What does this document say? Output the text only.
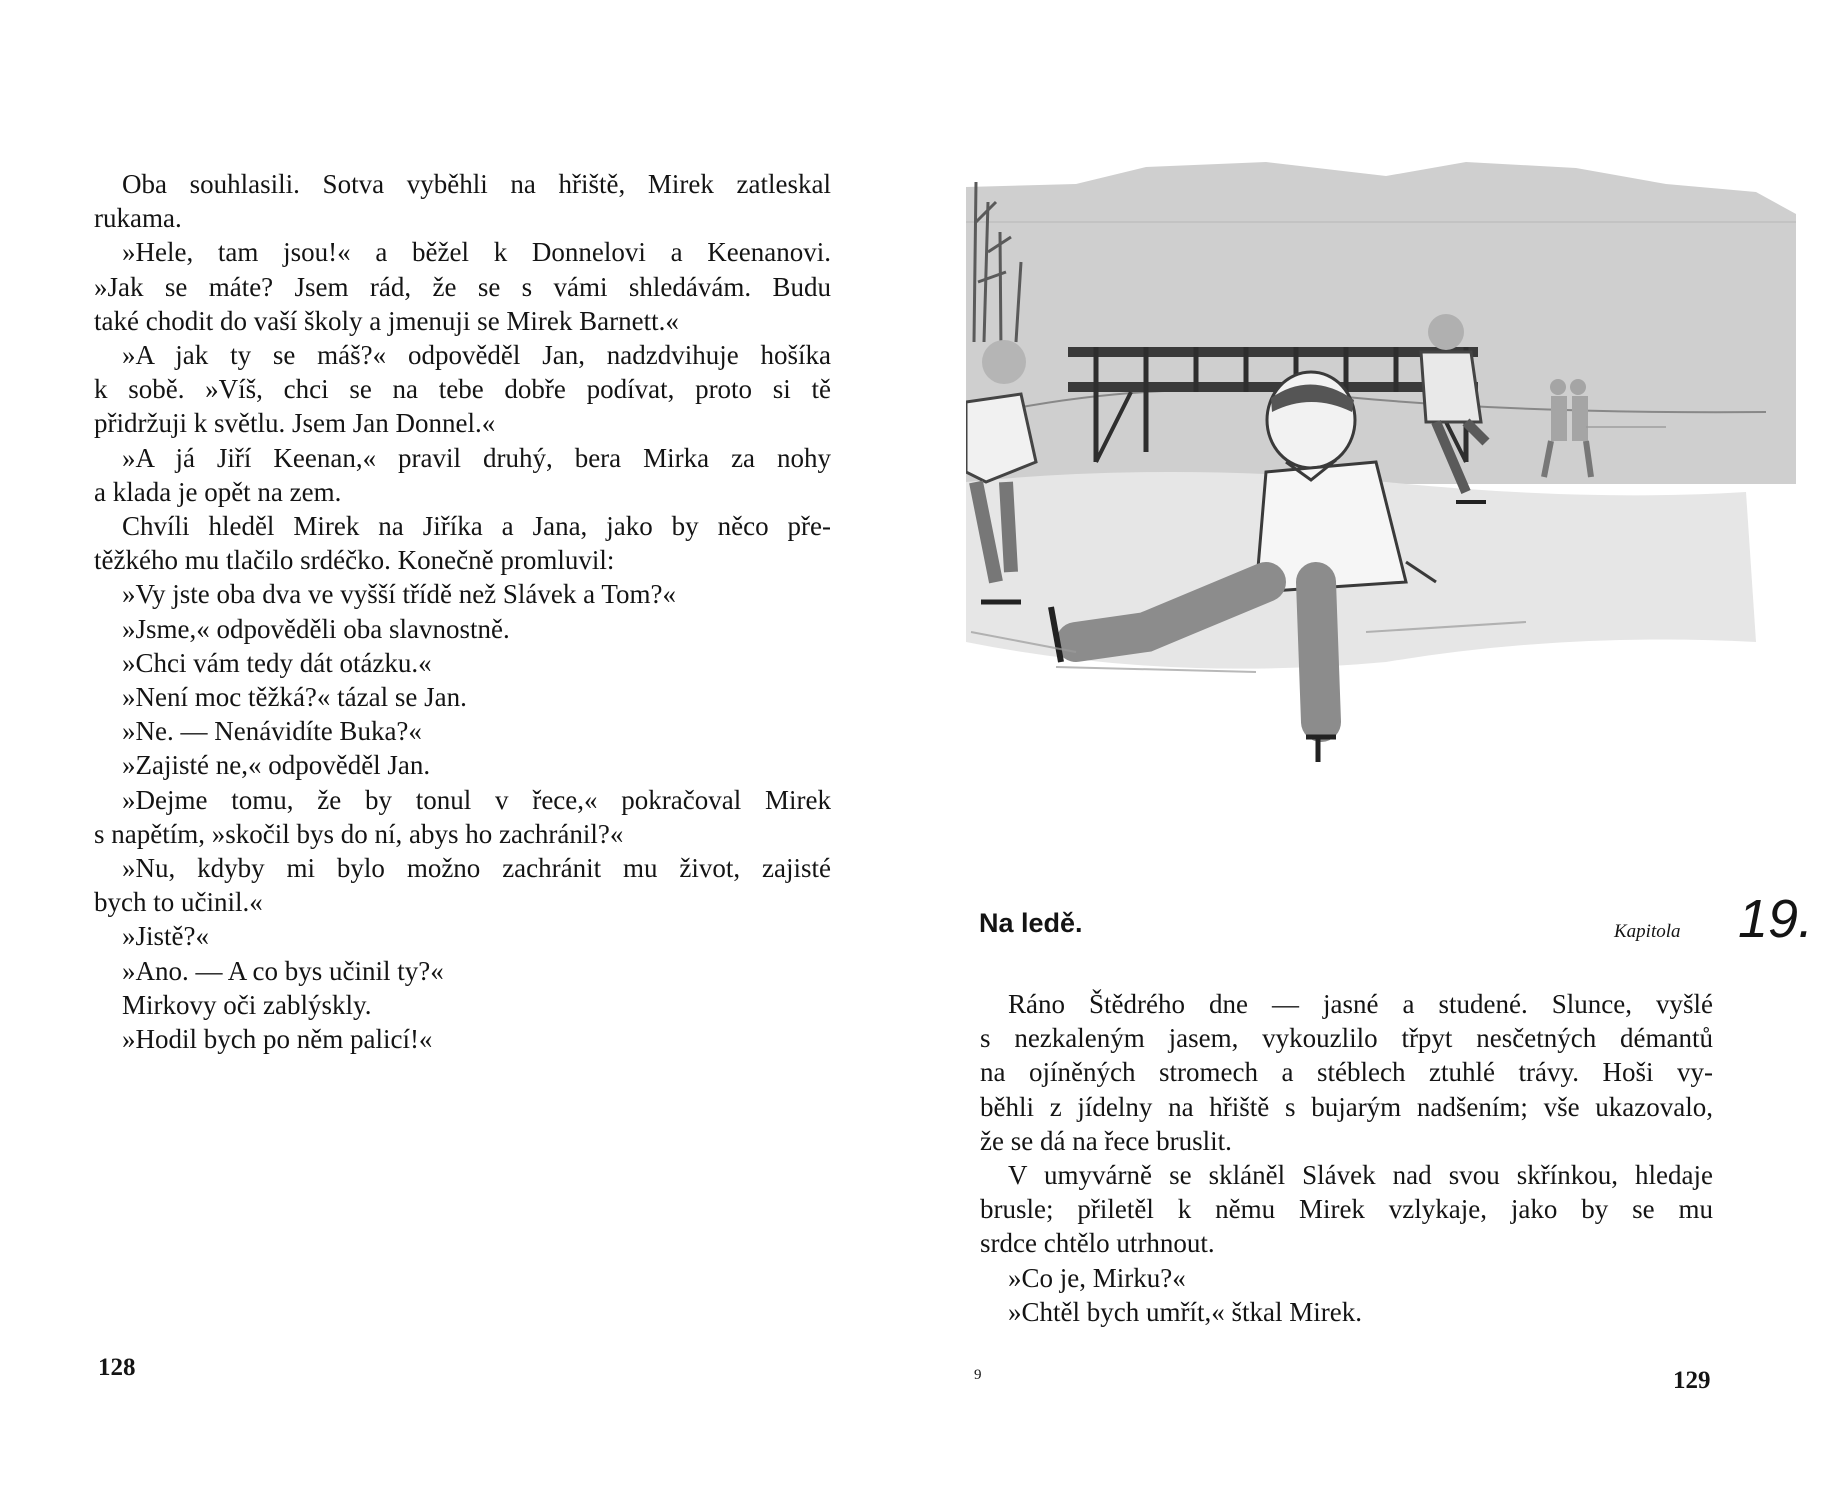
Oba souhlasili. Sotva vyběhli na hřiště, Mirek zatleskal

rukama.

»Hele, tam jsou!« a běžel k Donnelovi a Keenanovi.

»Jak se máte? Jsem rád, že se s vámi shledávám. Budu

také chodit do vaší školy a jmenuji se Mirek Barnett.«

»A jak ty se máš?« odpověděl Jan, nadzdvihuje hošíka

k sobě. »Víš, chci se na tebe dobře podívat, proto si tě

přidržuji k světlu. Jsem Jan Donnel.«

»A já Jiří Keenan,« pravil druhý, bera Mirka za nohy

a klada je opět na zem.

Chvíli hleděl Mirek na Jiříka a Jana, jako by něco pře-

těžkého mu tlačilo srdéčko. Konečně promluvil:

»Vy jste oba dva ve vyšší třídě než Slávek a Tom?«

»Jsme,« odpověděli oba slavnostně.

»Chci vám tedy dát otázku.«

»Není moc těžká?« tázal se Jan.

»Ne. — Nenávidíte Buka?«

»Zajisté ne,« odpověděl Jan.

»Dejme tomu, že by tonul v řece,« pokračoval Mirek

s napětím, »skočil bys do ní, abys ho zachránil?«

»Nu, kdyby mi bylo možno zachránit mu život, zajisté

bych to učinil.«

»Jistě?«

»Ano. — A co bys učinil ty?«

Mirkovy oči zablýskly.

»Hodil bych po něm palicí!«

128
Na ledě.	Kapitola 19.

Ráno Štědrého dne — jasné a studené. Slunce, vyšlé

s nezkaleným jasem, vykouzlilo třpyt nesčetných démantů

na ojíněných stromech a stéblech ztuhlé trávy. Hoši vy-

běhli z jídelny na hřiště s bujarým nadšením; vše ukazovalo,

že se dá na řece bruslit.

V umyvárně se skláněl Slávek nad svou skřínkou, hledaje

brusle; přiletěl k němu Mirek vzlykaje, jako by se mu

srdce chtělo utrhnout.

»Co je, Mirku?«

»Chtěl bych umřít,« štkal Mirek.

9	129
